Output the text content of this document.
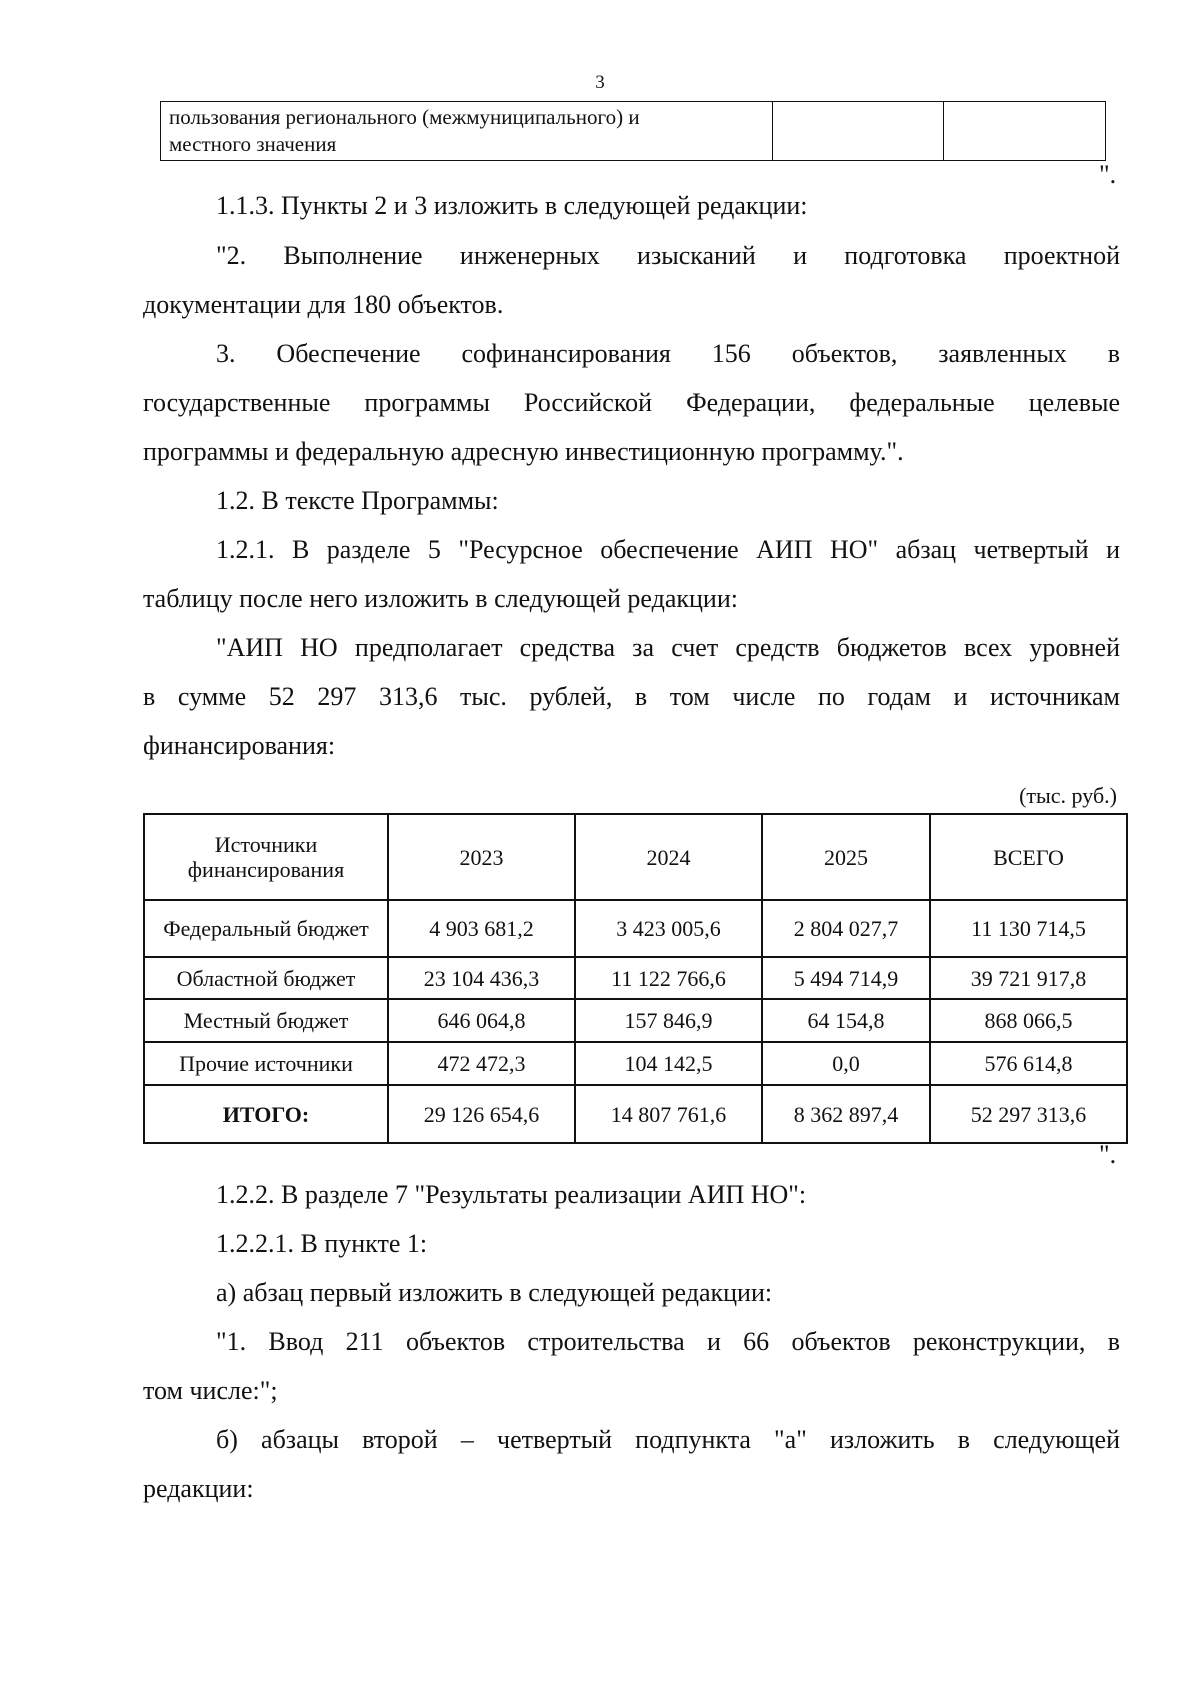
3
пользования регионального (межмуниципального) и
местного значения

".
1.1.3. Пункты 2 и 3 изложить в следующей редакции:
"2. Выполнение инженерных изысканий и подготовка проектной
документации для 180 объектов.
3. Обеспечение софинансирования 156 объектов, заявленных в
государственные программы Российской Федерации, федеральные целевые
программы и федеральную адресную инвестиционную программу.".
1.2. В тексте Программы:
1.2.1. В разделе 5 "Ресурсное обеспечение АИП НО" абзац четвертый и
таблицу после него изложить в следующей редакции:
"АИП НО предполагает средства за счет средств бюджетов всех уровней
в сумме 52 297 313,6 тыс. рублей, в том числе по годам и источникам
финансирования:
(тыс. руб.)
Источники финансирования	2023	2024	2025	ВСЕГО
Федеральный бюджет	4 903 681,2	3 423 005,6	2 804 027,7	11 130 714,5
Областной бюджет	23 104 436,3	11 122 766,6	5 494 714,9	39 721 917,8
Местный бюджет	646 064,8	157 846,9	64 154,8	868 066,5
Прочие источники	472 472,3	104 142,5	0,0	576 614,8
ИТОГО:	29 126 654,6	14 807 761,6	8 362 897,4	52 297 313,6
".
1.2.2. В разделе 7 "Результаты реализации АИП НО":
1.2.2.1. В пункте 1:
а) абзац первый изложить в следующей редакции:
"1. Ввод 211 объектов строительства и 66 объектов реконструкции, в
том числе:";
б) абзацы второй – четвертый подпункта "а" изложить в следующей
редакции:
